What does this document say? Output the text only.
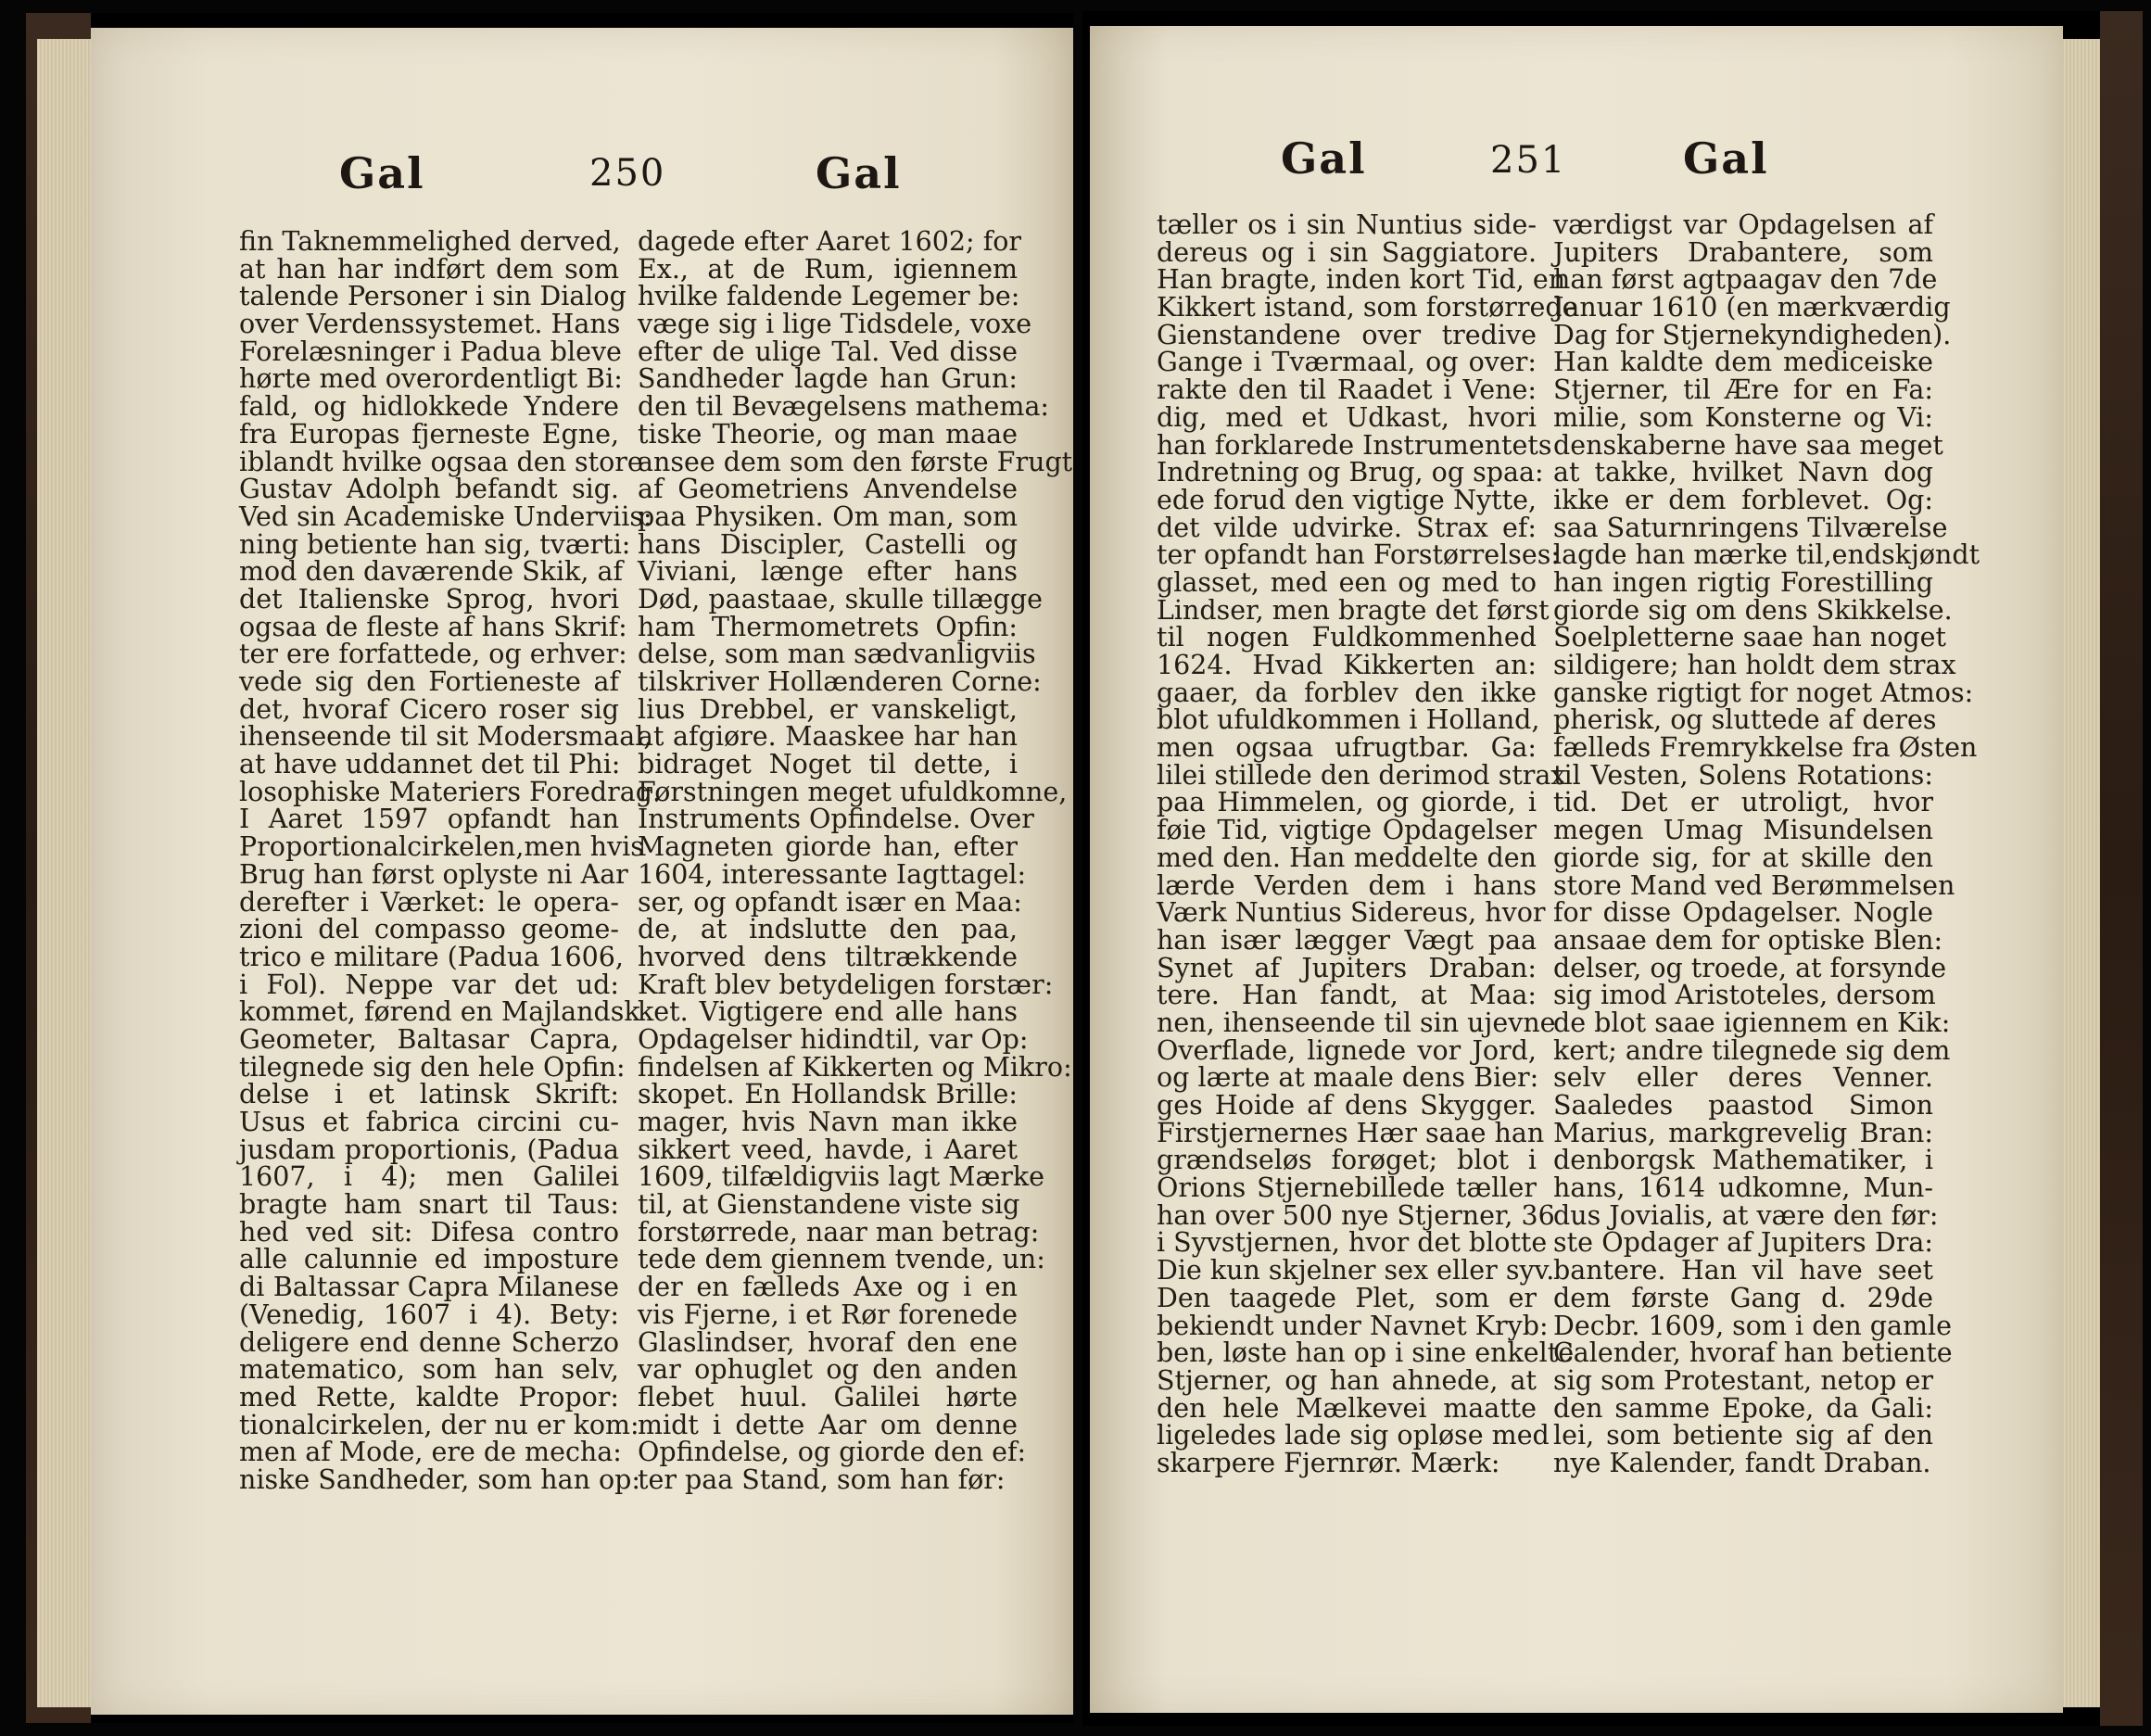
Gal	250	Gal
fin Taknemmelighed derved,
at han har indført dem som
talende Personer i sin Dialog
over Verdenssystemet. Hans
Forelæsninger i Padua bleve
hørte med overordentligt Bi:
fald, og hidlokkede Yndere
fra Europas fjerneste Egne,
iblandt hvilke ogsaa den store
Gustav Adolph befandt sig.
Ved sin Academiske Underviis:
ning betiente han sig, tværti:
mod den daværende Skik, af
det Italienske Sprog, hvori
ogsaa de fleste af hans Skrif:
ter ere forfattede, og erhver:
vede sig den Fortieneste af
det, hvoraf Cicero roser sig
ihenseende til sit Modersmaal,
at have uddannet det til Phi:
losophiske Materiers Foredrag.
I Aaret 1597 opfandt han
Proportionalcirkelen,men hvis
Brug han først oplyste ni Aar
derefter i Værket: le opera-
zioni del compasso geome-
trico e militare (Padua 1606,
i Fol). Neppe var det ud:
kommet, førend en Majlandsk
Geometer, Baltasar Capra,
tilegnede sig den hele Opfin:
delse i et latinsk Skrift:
Usus et fabrica circini cu-
jusdam proportionis, (Padua
1607, i 4); men Galilei
bragte ham snart til Taus:
hed ved sit: Difesa contro
alle calunnie ed imposture
di Baltassar Capra Milanese
(Venedig, 1607 i 4). Bety:
deligere end denne Scherzo
matematico, som han selv,
med Rette, kaldte Propor:
tionalcirkelen, der nu er kom:
men af Mode, ere de mecha:
niske Sandheder, som han op:
dagede efter Aaret 1602; for
Ex., at de Rum, igiennem
hvilke faldende Legemer be:
væge sig i lige Tidsdele, voxe
efter de ulige Tal. Ved disse
Sandheder lagde han Grun:
den til Bevægelsens mathema:
tiske Theorie, og man maae
ansee dem som den første Frugt
af Geometriens Anvendelse
paa Physiken. Om man, som
hans Discipler, Castelli og
Viviani, længe efter hans
Død, paastaae, skulle tillægge
ham Thermometrets Opfin:
delse, som man sædvanligviis
tilskriver Hollænderen Corne:
lius Drebbel, er vanskeligt,
at afgiøre. Maaskee har han
bidraget Noget til dette, i
Førstningen meget ufuldkomne,
Instruments Opfindelse. Over
Magneten giorde han, efter
1604, interessante Iagttagel:
ser, og opfandt især en Maa:
de, at indslutte den paa,
hvorved dens tiltrækkende
Kraft blev betydeligen forstær:
ket. Vigtigere end alle hans
Opdagelser hidindtil, var Op:
findelsen af Kikkerten og Mikro:
skopet. En Hollandsk Brille:
mager, hvis Navn man ikke
sikkert veed, havde, i Aaret
1609, tilfældigviis lagt Mærke
til, at Gienstandene viste sig
forstørrede, naar man betrag:
tede dem giennem tvende, un:
der en fælleds Axe og i en
vis Fjerne, i et Rør forenede
Glaslindser, hvoraf den ene
var ophuglet og den anden
flebet huul. Galilei hørte
midt i dette Aar om denne
Opfindelse, og giorde den ef:
ter paa Stand, som han før:
Gal	251	Gal
tæller os i sin Nuntius side-
dereus og i sin Saggiatore.
Han bragte, inden kort Tid, en
Kikkert istand, som forstørrede
Gienstandene over tredive
Gange i Tværmaal, og over:
rakte den til Raadet i Vene:
dig, med et Udkast, hvori
han forklarede Instrumentets
Indretning og Brug, og spaa:
ede forud den vigtige Nytte,
det vilde udvirke. Strax ef:
ter opfandt han Forstørrelses:
glasset, med een og med to
Lindser, men bragte det først
til nogen Fuldkommenhed
1624. Hvad Kikkerten an:
gaaer, da forblev den ikke
blot ufuldkommen i Holland,
men ogsaa ufrugtbar. Ga:
lilei stillede den derimod strax
paa Himmelen, og giorde, i
føie Tid, vigtige Opdagelser
med den. Han meddelte den
lærde Verden dem i hans
Værk Nuntius Sidereus, hvor
han især lægger Vægt paa
Synet af Jupiters Draban:
tere. Han fandt, at Maa:
nen, ihenseende til sin ujevne
Overflade, lignede vor Jord,
og lærte at maale dens Bier:
ges Hoide af dens Skygger.
Firstjernernes Hær saae han
grændseløs forøget; blot i
Orions Stjernebillede tæller
han over 500 nye Stjerner, 36
i Syvstjernen, hvor det blotte
Die kun skjelner sex eller syv.
Den taagede Plet, som er
bekiendt under Navnet Kryb:
ben, løste han op i sine enkelte
Stjerner, og han ahnede, at
den hele Mælkevei maatte
ligeledes lade sig opløse med
skarpere Fjernrør. Mærk:
værdigst var Opdagelsen af
Jupiters Drabantere, som
han først agtpaagav den 7de
Januar 1610 (en mærkværdig
Dag for Stjernekyndigheden).
Han kaldte dem mediceiske
Stjerner, til Ære for en Fa:
milie, som Konsterne og Vi:
denskaberne have saa meget
at takke, hvilket Navn dog
ikke er dem forblevet. Og:
saa Saturnringens Tilværelse
lagde han mærke til,endskjøndt
han ingen rigtig Forestilling
giorde sig om dens Skikkelse.
Soelpletterne saae han noget
sildigere; han holdt dem strax
ganske rigtigt for noget Atmos:
pherisk, og sluttede af deres
fælleds Fremrykkelse fra Østen
til Vesten, Solens Rotations:
tid. Det er utroligt, hvor
megen Umag Misundelsen
giorde sig, for at skille den
store Mand ved Berømmelsen
for disse Opdagelser. Nogle
ansaae dem for optiske Blen:
delser, og troede, at forsynde
sig imod Aristoteles, dersom
de blot saae igiennem en Kik:
kert; andre tilegnede sig dem
selv eller deres Venner.
Saaledes paastod Simon
Marius, markgrevelig Bran:
denborgsk Mathematiker, i
hans, 1614 udkomne, Mun-
dus Jovialis, at være den før:
ste Opdager af Jupiters Dra:
bantere. Han vil have seet
dem første Gang d. 29de
Decbr. 1609, som i den gamle
Calender, hvoraf han betiente
sig som Protestant, netop er
den samme Epoke, da Gali:
lei, som betiente sig af den
nye Kalender, fandt Draban.
